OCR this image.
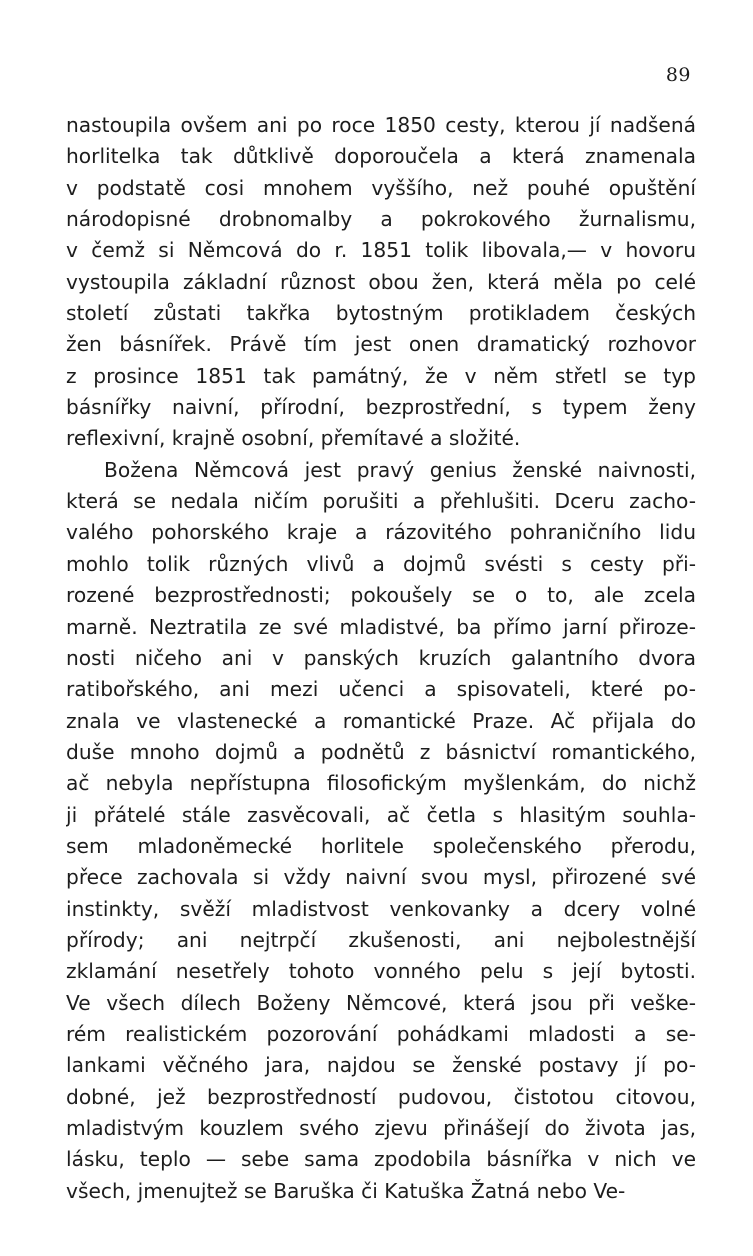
89
nastoupila ovšem ani po roce 1850 cesty, kterou jí nadšená
horlitelka tak důtklivě doporoučela a která znamenala
v podstatě cosi mnohem vyššího, než pouhé opuštění
národopisné drobnomalby a pokrokového žurnalismu,
v čemž si Němcová do r. 1851 tolik libovala,— v hovoru
vystoupila základní různost obou žen, která měla po celé
století zůstati takřka bytostným protikladem českých
žen básnířek. Právě tím jest onen dramatický rozhovor
z prosince 1851 tak památný, že v něm střetl se typ
básnířky naivní, přírodní, bezprostřední, s typem ženy
reflexivní, krajně osobní, přemítavé a složité.
Božena Němcová jest pravý genius ženské naivnosti,
která se nedala ničím porušiti a přehlušiti. Dceru zacho-
valého pohorského kraje a rázovitého pohraničního lidu
mohlo tolik různých vlivů a dojmů svésti s cesty při-
rozené bezprostřednosti; pokoušely se o to, ale zcela
marně. Neztratila ze své mladistvé, ba přímo jarní přiroze-
nosti ničeho ani v panských kruzích galantního dvora
ratibořského, ani mezi učenci a spisovateli, které po-
znala ve vlastenecké a romantické Praze. Ač přijala do
duše mnoho dojmů a podnětů z básnictví romantického,
ač nebyla nepřístupna filosofickým myšlenkám, do nichž
ji přátelé stále zasvěcovali, ač četla s hlasitým souhla-
sem mladoněmecké horlitele společenského přerodu,
přece zachovala si vždy naivní svou mysl, přirozené své
instinkty, svěží mladistvost venkovanky a dcery volné
přírody; ani nejtrpčí zkušenosti, ani nejbolestnější
zklamání nesetřely tohoto vonného pelu s její bytosti.
Ve všech dílech Boženy Němcové, která jsou při veške-
rém realistickém pozorování pohádkami mladosti a se-
lankami věčného jara, najdou se ženské postavy jí po-
dobné, jež bezprostředností pudovou, čistotou citovou,
mladistvým kouzlem svého zjevu přinášejí do života jas,
lásku, teplo — sebe sama zpodobila básnířka v nich ve
všech, jmenujtež se Baruška či Katuška Žatná nebo Ve-
